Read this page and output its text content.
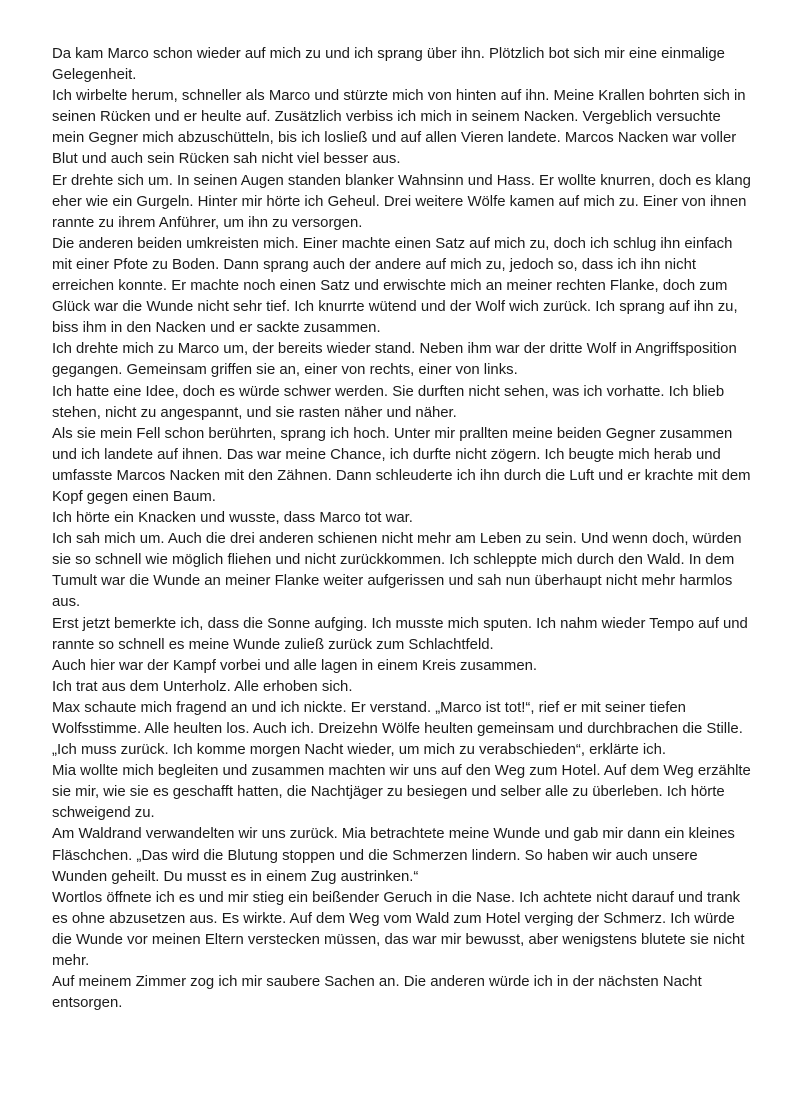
Da kam Marco schon wieder auf mich zu und ich sprang über ihn. Plötzlich bot sich mir eine einmalige Gelegenheit.

Ich wirbelte herum, schneller als Marco und stürzte mich von hinten auf ihn. Meine Krallen bohrten sich in seinen Rücken und er heulte auf. Zusätzlich verbiss ich mich in seinem Nacken. Vergeblich versuchte mein Gegner mich abzuschütteln, bis ich losließ und auf allen Vieren landete. Marcos Nacken war voller Blut und auch sein Rücken sah nicht viel besser aus.

Er drehte sich um. In seinen Augen standen blanker Wahnsinn und Hass. Er wollte knurren, doch es klang eher wie ein Gurgeln. Hinter mir hörte ich Geheul. Drei weitere Wölfe kamen auf mich zu. Einer von ihnen rannte zu ihrem Anführer, um ihn zu versorgen.

Die anderen beiden umkreisten mich. Einer machte einen Satz auf mich zu, doch ich schlug ihn einfach mit einer Pfote zu Boden. Dann sprang auch der andere auf mich zu, jedoch so, dass ich ihn nicht erreichen konnte. Er machte noch einen Satz und erwischte mich an meiner rechten Flanke, doch zum Glück war die Wunde nicht sehr tief. Ich knurrte wütend und der Wolf wich zurück. Ich sprang auf ihn zu, biss ihm in den Nacken und er sackte zusammen.

Ich drehte mich zu Marco um, der bereits wieder stand. Neben ihm war der dritte Wolf in Angriffsposition gegangen. Gemeinsam griffen sie an, einer von rechts, einer von links.

Ich hatte eine Idee, doch es würde schwer werden. Sie durften nicht sehen, was ich vorhatte. Ich blieb stehen, nicht zu angespannt, und sie rasten näher und näher.

Als sie mein Fell schon berührten, sprang ich hoch. Unter mir prallten meine beiden Gegner zusammen und ich landete auf ihnen. Das war meine Chance, ich durfte nicht zögern. Ich beugte mich herab und umfasste Marcos Nacken mit den Zähnen. Dann schleuderte ich ihn durch die Luft und er krachte mit dem Kopf gegen einen Baum.

Ich hörte ein Knacken und wusste, dass Marco tot war.

Ich sah mich um. Auch die drei anderen schienen nicht mehr am Leben zu sein. Und wenn doch, würden sie so schnell wie möglich fliehen und nicht zurückkommen. Ich schleppte mich durch den Wald. In dem Tumult war die Wunde an meiner Flanke weiter aufgerissen und sah nun überhaupt nicht mehr harmlos aus.

Erst jetzt bemerkte ich, dass die Sonne aufging. Ich musste mich sputen. Ich nahm wieder Tempo auf und rannte so schnell es meine Wunde zuließ zurück zum Schlachtfeld.

Auch hier war der Kampf vorbei und alle lagen in einem Kreis zusammen.

Ich trat aus dem Unterholz. Alle erhoben sich.

Max schaute mich fragend an und ich nickte. Er verstand. „Marco ist tot!“, rief er mit seiner tiefen Wolfsstimme. Alle heulten los. Auch ich. Dreizehn Wölfe heulten gemeinsam und durchbrachen die Stille.

„Ich muss zurück. Ich komme morgen Nacht wieder, um mich zu verabschieden“, erklärte ich.

Mia wollte mich begleiten und zusammen machten wir uns auf den Weg zum Hotel. Auf dem Weg erzählte sie mir, wie sie es geschafft hatten, die Nachtjäger zu besiegen und selber alle zu überleben. Ich hörte schweigend zu.

Am Waldrand verwandelten wir uns zurück. Mia betrachtete meine Wunde und gab mir dann ein kleines Fläschchen. „Das wird die Blutung stoppen und die Schmerzen lindern. So haben wir auch unsere Wunden geheilt. Du musst es in einem Zug austrinken.“

Wortlos öffnete ich es und mir stieg ein beißender Geruch in die Nase. Ich achtete nicht darauf und trank es ohne abzusetzen aus. Es wirkte. Auf dem Weg vom Wald zum Hotel verging der Schmerz. Ich würde die Wunde vor meinen Eltern verstecken müssen, das war mir bewusst, aber wenigstens blutete sie nicht mehr.

Auf meinem Zimmer zog ich mir saubere Sachen an. Die anderen würde ich in der nächsten Nacht entsorgen.
